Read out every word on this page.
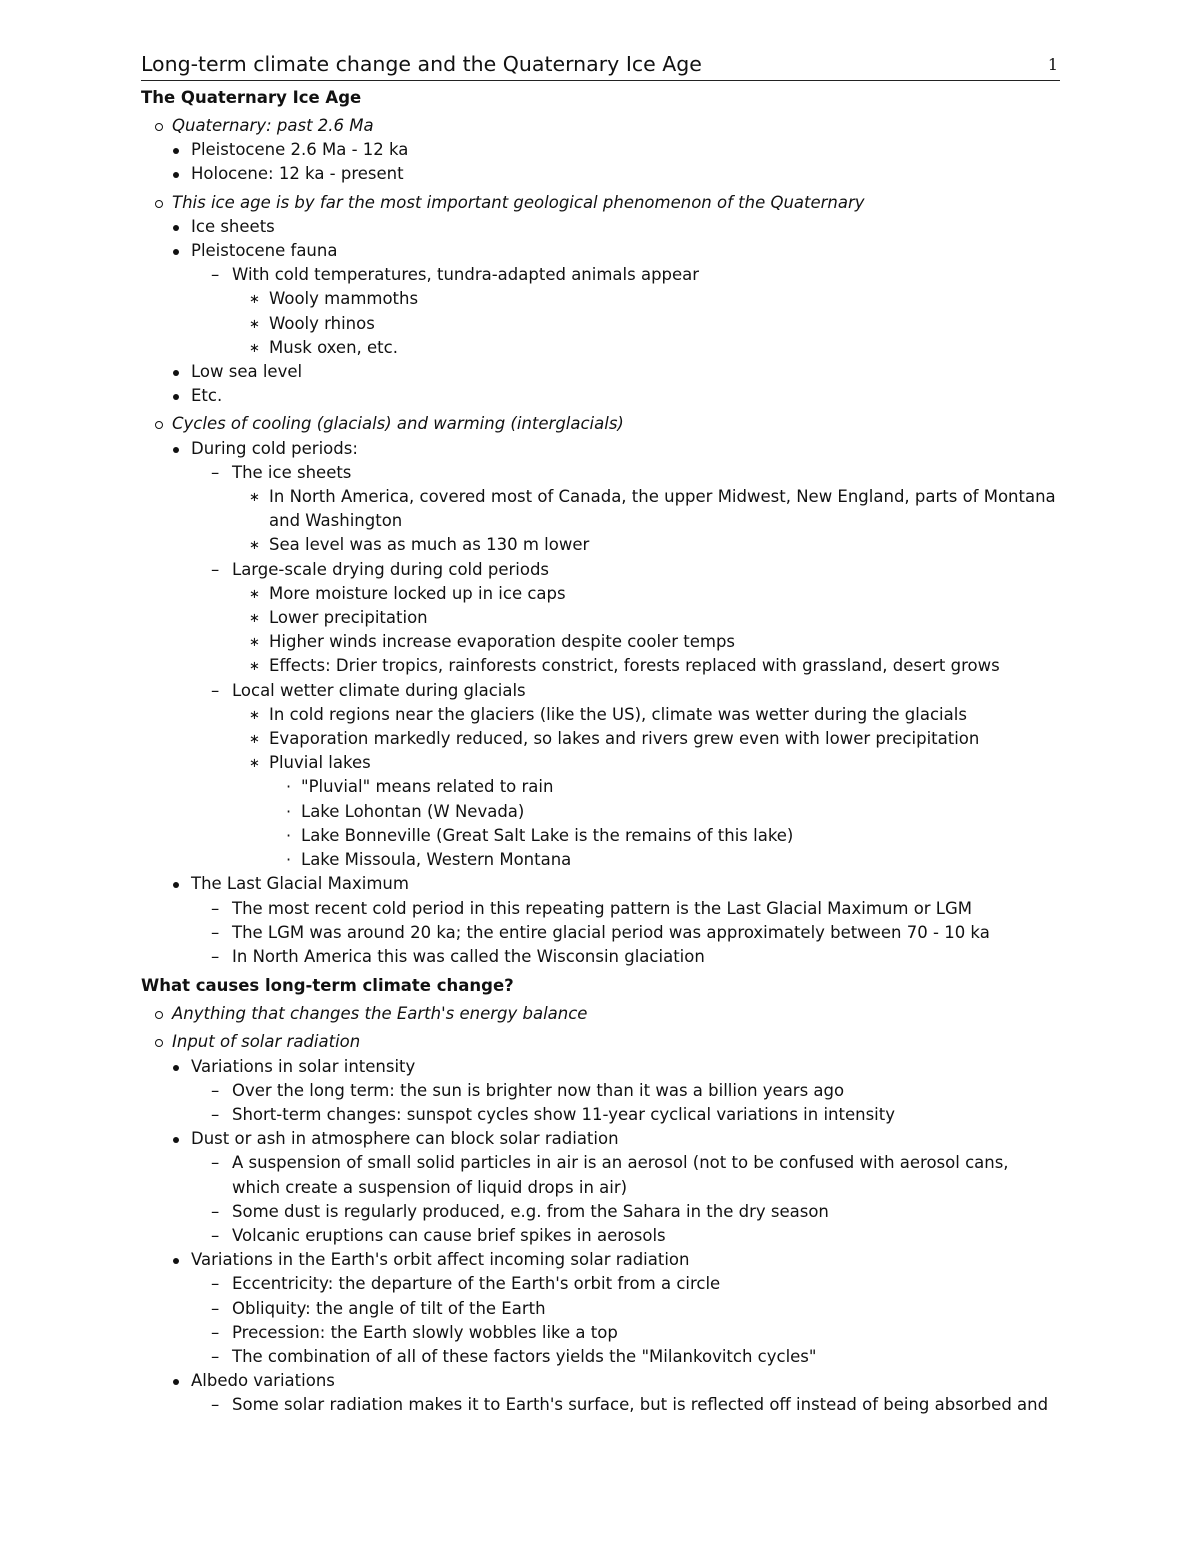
Long-term climate change and the Quaternary Ice Age	1
The Quaternary Ice Age
Quaternary: past 2.6 Ma
Pleistocene 2.6 Ma - 12 ka
Holocene: 12 ka - present
This ice age is by far the most important geological phenomenon of the Quaternary
Ice sheets
Pleistocene fauna
– With cold temperatures, tundra-adapted animals appear
∗ Wooly mammoths
∗ Wooly rhinos
∗ Musk oxen, etc.
Low sea level
Etc.
Cycles of cooling (glacials) and warming (interglacials)
During cold periods:
– The ice sheets
∗ In North America, covered most of Canada, the upper Midwest, New England, parts of Montana and Washington
∗ Sea level was as much as 130 m lower
– Large-scale drying during cold periods
∗ More moisture locked up in ice caps
∗ Lower precipitation
∗ Higher winds increase evaporation despite cooler temps
∗ Effects: Drier tropics, rainforests constrict, forests replaced with grassland, desert grows
– Local wetter climate during glacials
∗ In cold regions near the glaciers (like the US), climate was wetter during the glacials
∗ Evaporation markedly reduced, so lakes and rivers grew even with lower precipitation
∗ Pluvial lakes
· "Pluvial" means related to rain
· Lake Lohontan (W Nevada)
· Lake Bonneville (Great Salt Lake is the remains of this lake)
· Lake Missoula, Western Montana
The Last Glacial Maximum
– The most recent cold period in this repeating pattern is the Last Glacial Maximum or LGM
– The LGM was around 20 ka; the entire glacial period was approximately between 70 - 10 ka
– In North America this was called the Wisconsin glaciation
What causes long-term climate change?
Anything that changes the Earth's energy balance
Input of solar radiation
Variations in solar intensity
– Over the long term: the sun is brighter now than it was a billion years ago
– Short-term changes: sunspot cycles show 11-year cyclical variations in intensity
Dust or ash in atmosphere can block solar radiation
– A suspension of small solid particles in air is an aerosol (not to be confused with aerosol cans, which create a suspension of liquid drops in air)
– Some dust is regularly produced, e.g. from the Sahara in the dry season
– Volcanic eruptions can cause brief spikes in aerosols
Variations in the Earth's orbit affect incoming solar radiation
– Eccentricity: the departure of the Earth's orbit from a circle
– Obliquity: the angle of tilt of the Earth
– Precession: the Earth slowly wobbles like a top
– The combination of all of these factors yields the "Milankovitch cycles"
Albedo variations
– Some solar radiation makes it to Earth's surface, but is reflected off instead of being absorbed and
